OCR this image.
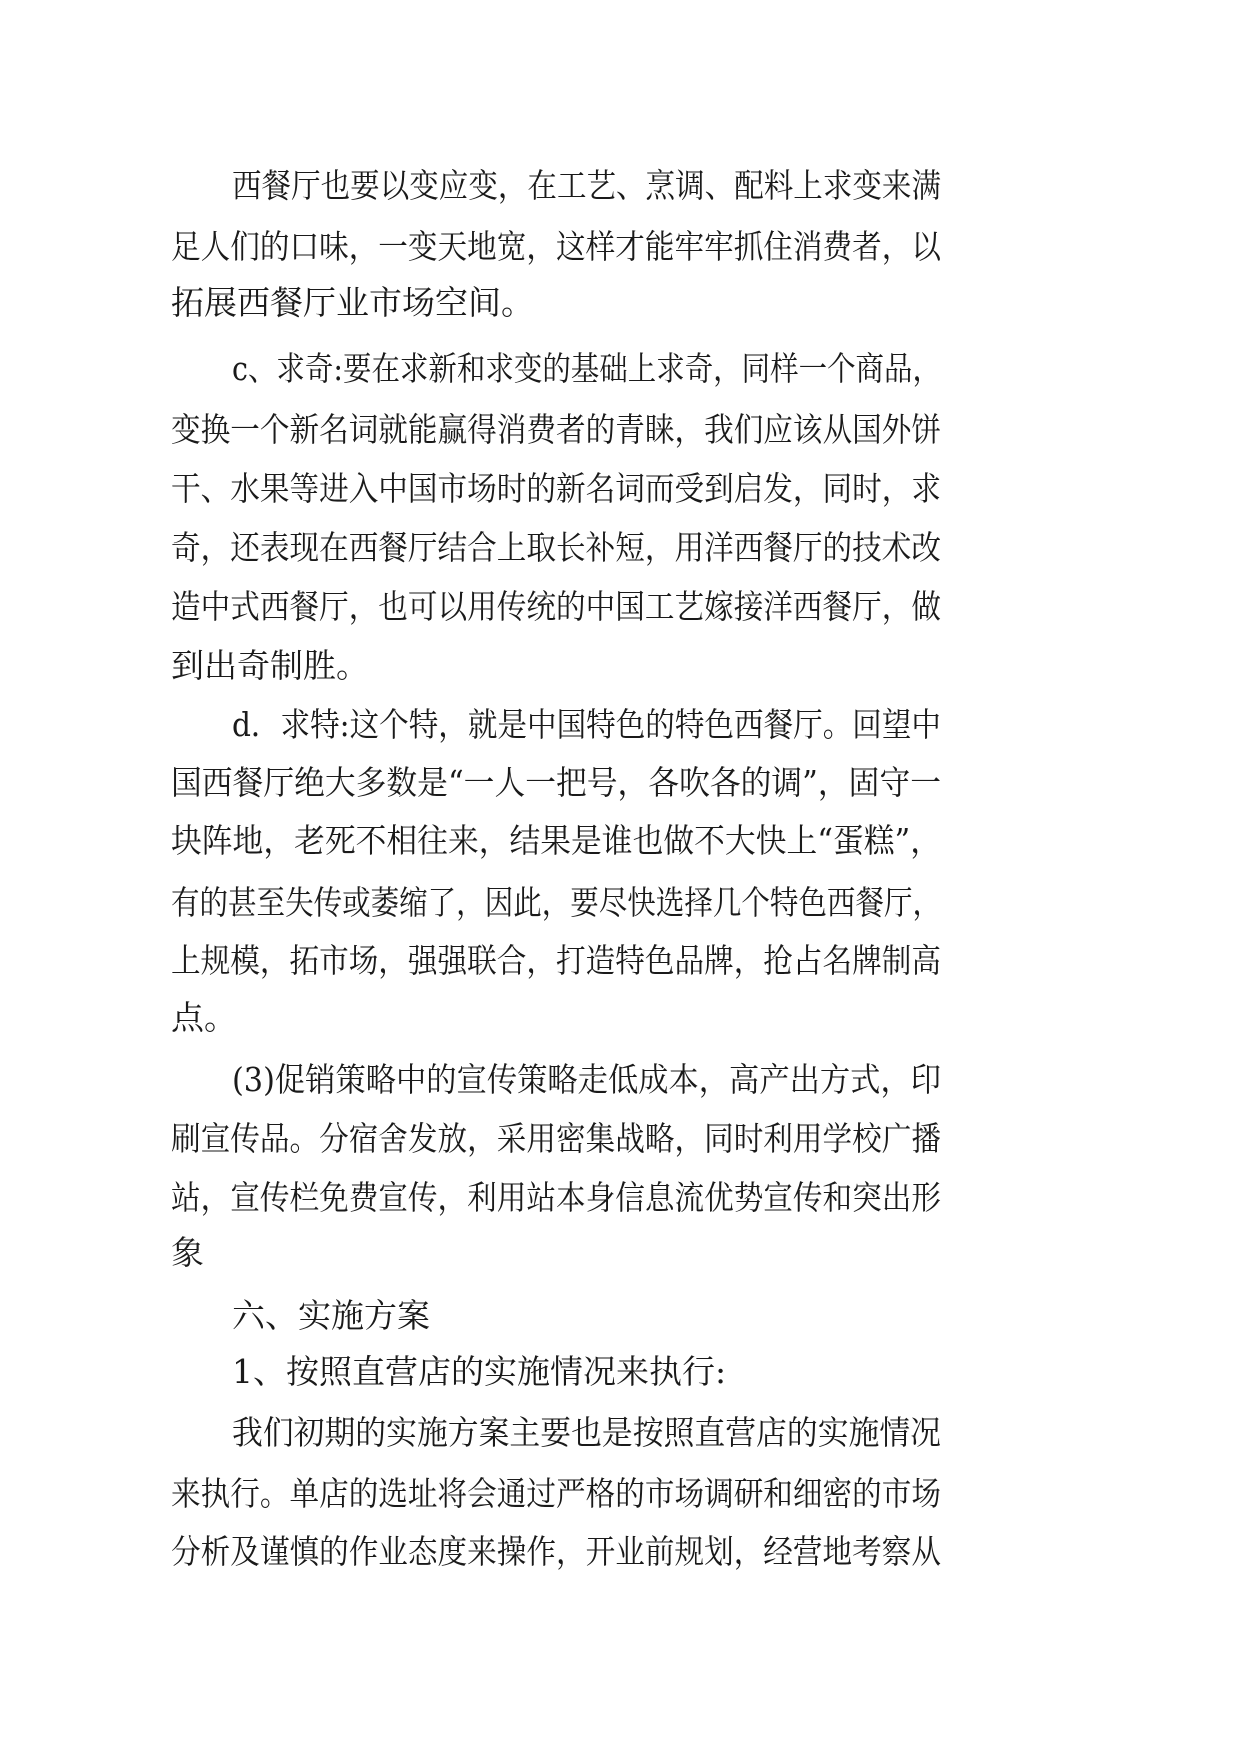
西餐厅也要以变应变，在工艺、烹调、配料上求变来满
足人们的口味，一变天地宽，这样才能牢牢抓住消费者，以
拓展西餐厅业市场空间。
c、求奇:要在求新和求变的基础上求奇，同样一个商品，
变换一个新名词就能赢得消费者的青睐，我们应该从国外饼
干、水果等进入中国市场时的新名词而受到启发，同时，求
奇，还表现在西餐厅结合上取长补短，用洋西餐厅的技术改
造中式西餐厅，也可以用传统的中国工艺嫁接洋西餐厅，做
到出奇制胜。
d．求特:这个特，就是中国特色的特色西餐厅。回望中
国西餐厅绝大多数是“一人一把号，各吹各的调”，固守一
块阵地，老死不相往来，结果是谁也做不大快上“蛋糕”，
有的甚至失传或萎缩了，因此，要尽快选择几个特色西餐厅，
上规模，拓市场，强强联合，打造特色品牌，抢占名牌制高
点。
(3)促销策略中的宣传策略走低成本，高产出方式，印
刷宣传品。分宿舍发放，采用密集战略，同时利用学校广播
站，宣传栏免费宣传，利用站本身信息流优势宣传和突出形
象
六、实施方案
1、按照直营店的实施情况来执行:
我们初期的实施方案主要也是按照直营店的实施情况
来执行。单店的选址将会通过严格的市场调研和细密的市场
分析及谨慎的作业态度来操作，开业前规划，经营地考察从
